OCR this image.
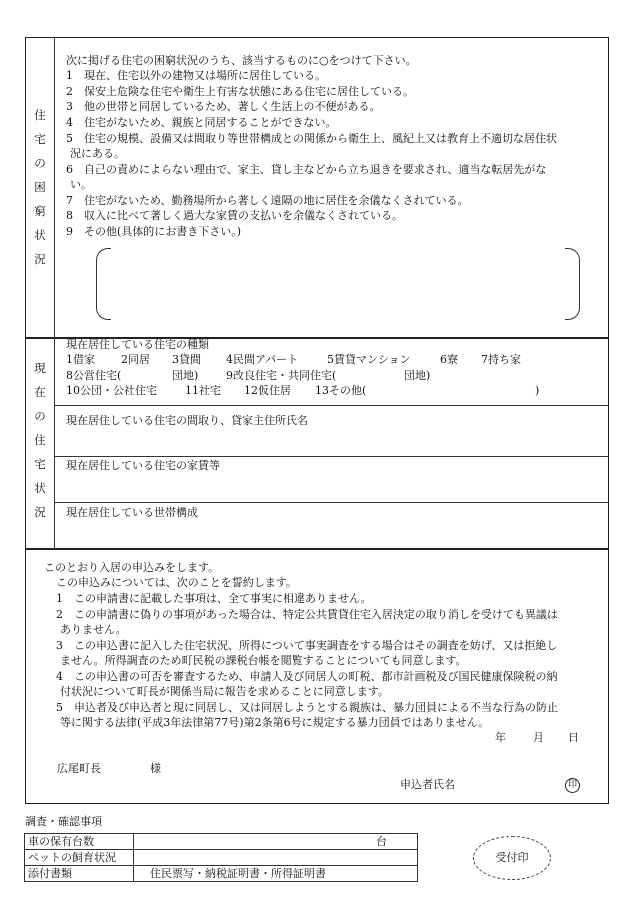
住宅の困窮状況
次に掲げる住宅の困窮状況のうち、該当するものに○をつけて下さい。
1　現在、住宅以外の建物又は場所に居住している。
2　保安上危険な住宅や衛生上有害な状態にある住宅に居住している。
3　他の世帯と同居しているため、著しく生活上の不便がある。
4　住宅がないため、親族と同居することができない。
5　住宅の規模、設備又は間取り等世帯構成との関係から衛生上、風紀上又は教育上不適切な居住状
況にある。
6　自己の責めによらない理由で、家主、貸し主などから立ち退きを要求され、適当な転居先がな
い。
7　住宅がないため、勤務場所から著しく遠隔の地に居住を余儀なくされている。
8　収入に比べて著しく過大な家賃の支払いを余儀なくされている。
9　その他(具体的にお書き下さい。)
現在の住宅状況
現在居住している住宅の種類
1借家 2同居 3貸間 4民間アパート	5賃貸マンション	6寮 7持ち家
8公営住宅(	団地)	9改良住宅・共同住宅(	団地)
10公団・公社住宅	11社宅 12仮住居 13その他(	)
現在居住している住宅の間取り、貸家主住所氏名
現在居住している住宅の家賃等
現在居住している世帯構成
このとおり入居の申込みをします。
この申込みについては、次のことを誓約します。
1　この申請書に記載した事項は、全て事実に相違ありません。
2　この申請書に偽りの事項があった場合は、特定公共賃貸住宅入居決定の取り消しを受けても異議は
ありません。
3　この申込書に記入した住宅状況、所得について事実調査をする場合はその調査を妨げ、又は拒絶し
ません。所得調査のため町民税の課税台帳を閲覧することについても同意します。
4　この申込書の可否を審査するため、申請人及び同居人の町税、都市計画税及び国民健康保険税の納
付状況について町長が関係当局に報告を求めることに同意します。
5　申込者及び申込者と現に同居し、又は同居しようとする親族は、暴力団員による不当な行為の防止
等に関する法律(平成3年法律第77号)第2条第6号に規定する暴力団員ではありません。
年 月 日
広尾町長	様
申込者氏名	印
調査・確認事項
車の保有台数	台
ペットの飼育状況	
添付書類	住民票写・納税証明書・所得証明書
受付印
